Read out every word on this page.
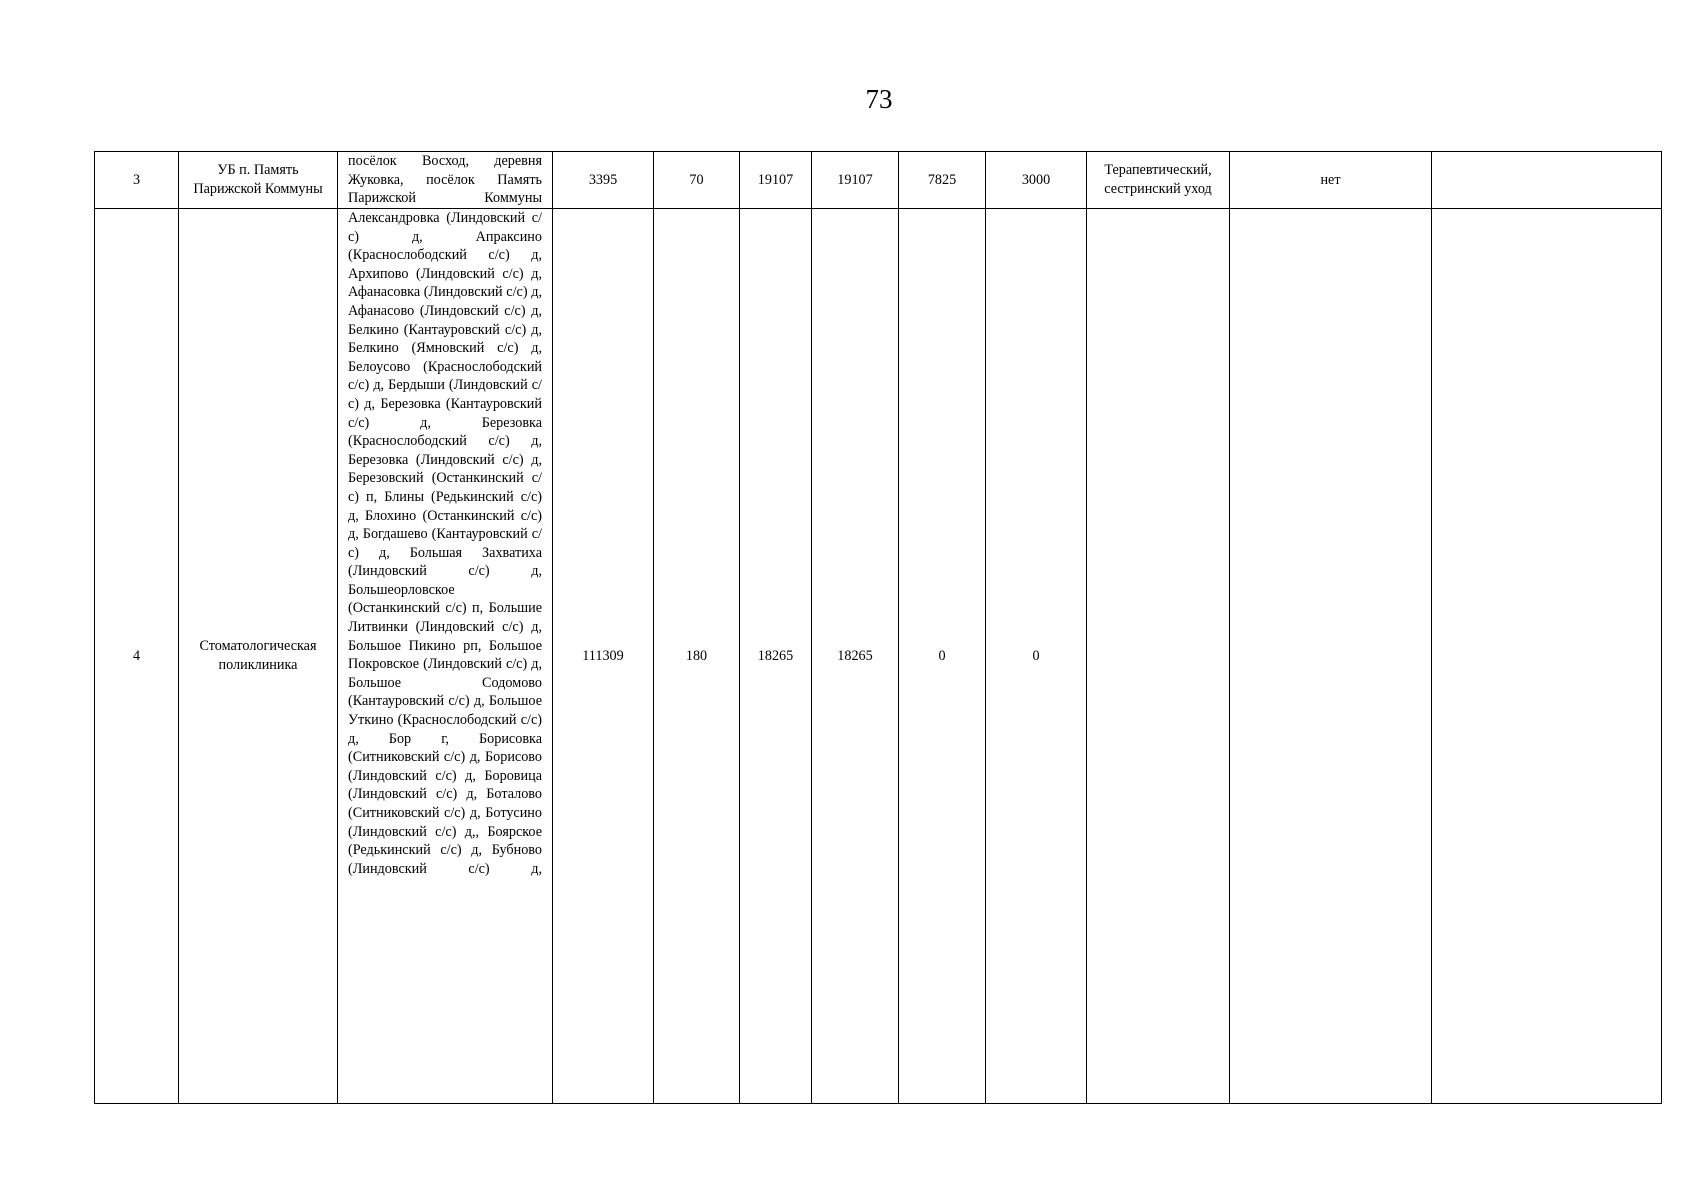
73
3	УБ п. Память Парижской Коммуны	посёлок Восход, деревня Жуковка, посёлок Память Парижской Коммуны	3395	70	19107	19107	7825	3000	Терапевтический, сестринский уход	нет	
4	Стоматологическая поликлиника	Александровка (Линдовский с/с) д, Апраксино (Краснослободский с/с) д, Архипово (Линдовский с/с) д, Афанасовка (Линдовский с/с) д, Афанасово (Линдовский с/с) д, Белкино (Кантауровский с/с) д, Белкино (Ямновский с/с) д, Белоусово (Краснослободский с/с) д, Бердыши (Линдовский с/с) д, Березовка (Кантауровский с/с) д, Березовка (Краснослободский с/с) д, Березовка (Линдовский с/с) д, Березовский (Останкинский с/с) п, Блины (Редькинский с/с) д, Блохино (Останкинский с/с) д, Богдашево (Кантауровский с/с) д, Большая Захватиха (Линдовский с/с) д, Большеорловское (Останкинский с/с) п, Большие Литвинки (Линдовский с/с) д, Большое Пикино рп, Большое Покровское (Линдовский с/с) д, Большое Содомово (Кантауровский с/с) д, Большое Уткино (Краснослободский с/с) д, Бор г, Борисовка (Ситниковский с/с) д, Борисово (Линдовский с/с) д, Боровица (Линдовский с/с) д, Боталово (Ситниковский с/с) д, Ботусино (Линдовский с/с) д,, Боярское (Редькинский с/с) д, Бубново (Линдовский с/с) д,	111309	180	18265	18265	0	0			
